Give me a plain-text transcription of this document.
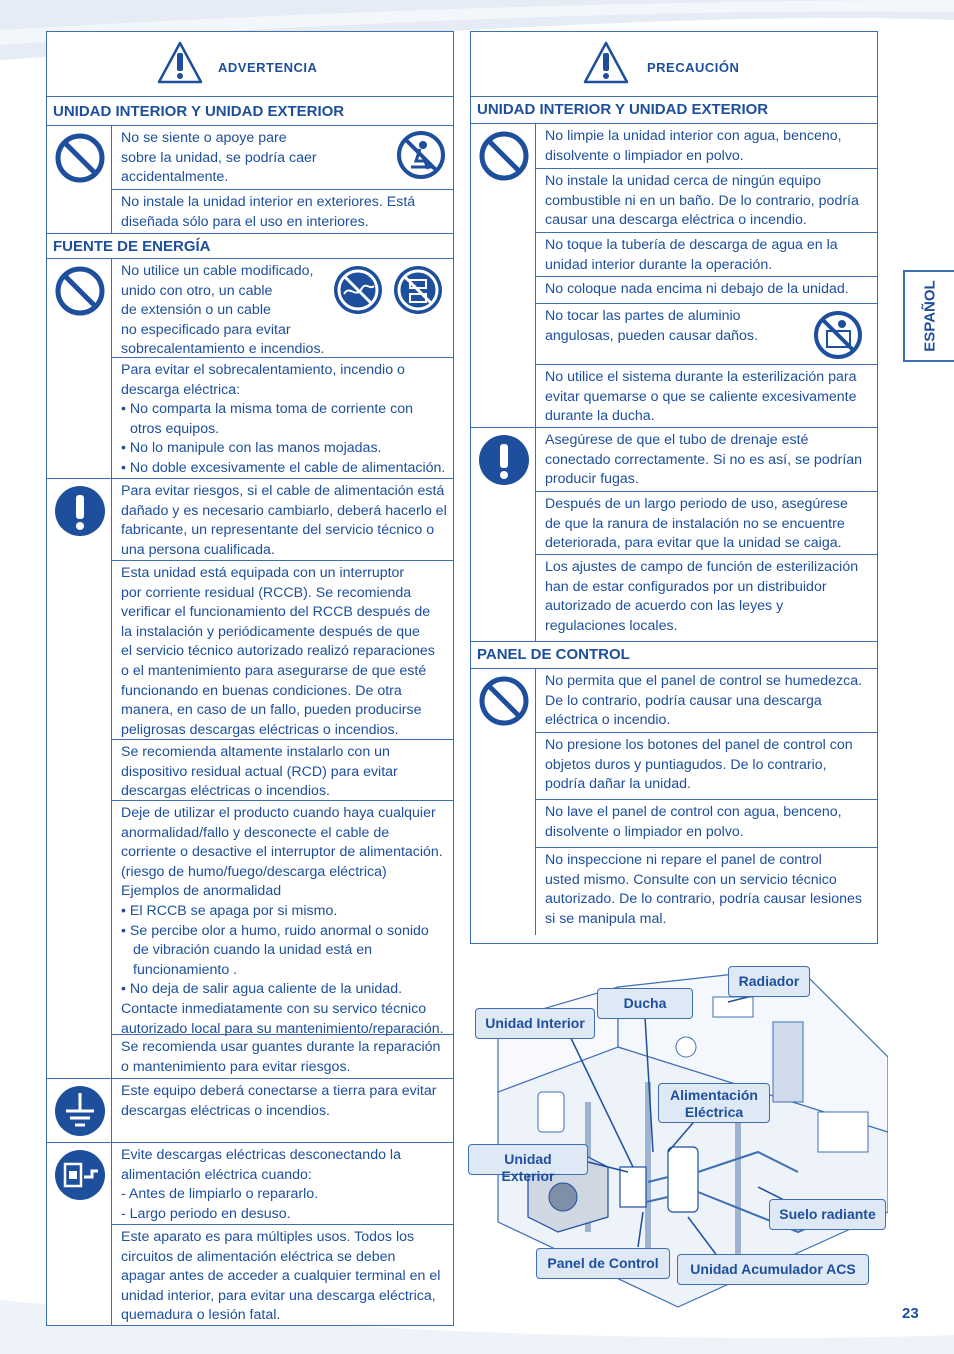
ADVERTENCIA
UNIDAD INTERIOR Y UNIDAD EXTERIOR
No se siente o apoye pare
sobre la unidad, se podría caer
accidentalmente.
No instale la unidad interior en exteriores. Está
diseñada sólo para el uso en interiores.
FUENTE DE ENERGÍA
No utilice un cable modificado,
unido con otro, un cable
de extensión o un cable
no especificado para evitar
sobrecalentamiento e incendios.
Para evitar el sobrecalentamiento, incendio o
descarga eléctrica:
• No comparta la misma toma de corriente con otros equipos.
• No lo manipule con las manos mojadas.
• No doble excesivamente el cable de alimentación.
Para evitar riesgos, si el cable de alimentación está
dañado y es necesario cambiarlo, deberá hacerlo el
fabricante, un representante del servicio técnico o
una persona cualificada.
Esta unidad está equipada con un interruptor
por corriente residual (RCCB). Se recomienda
verificar el funcionamiento del RCCB después de
la instalación y periódicamente después de que
el servicio técnico autorizado realizó reparaciones
o el mantenimiento para asegurarse de que esté
funcionando en buenas condiciones. De otra
manera, en caso de un fallo, pueden producirse
peligrosas descargas eléctricas o incendios.
Se recomienda altamente instalarlo con un
dispositivo residual actual (RCD) para evitar
descargas eléctricas o incendios.
Deje de utilizar el producto cuando haya cualquier
anormalidad/fallo y desconecte el cable de
corriente o desactive el interruptor de alimentación.
(riesgo de humo/fuego/descarga eléctrica)
Ejemplos de anormalidad
• El RCCB se apaga por si mismo.
• Se percibe olor a humo, ruido anormal o sonido de vibración cuando la unidad está en funcionamiento .
• No deja de salir agua caliente de la unidad.
Contacte inmediatamente con su servico técnico
autorizado local para su mantenimiento/reparación.
Se recomienda usar guantes durante la reparación
o mantenimiento para evitar riesgos.
Este equipo deberá conectarse a tierra para evitar
descargas eléctricas o incendios.
Evite descargas eléctricas desconectando la
alimentación eléctrica cuando:
- Antes de limpiarlo o repararlo.
- Largo periodo en desuso.
Este aparato es para múltiples usos. Todos los
circuitos de alimentación eléctrica se deben
apagar antes de acceder a cualquier terminal en el
unidad interior, para evitar una descarga eléctrica,
quemadura o lesión fatal.
PRECAUCIÓN
UNIDAD INTERIOR Y UNIDAD EXTERIOR
No limpie la unidad interior con agua, benceno,
disolvente o limpiador en polvo.
No instale la unidad cerca de ningún equipo
combustible ni en un baño. De lo contrario, podría
causar una descarga eléctrica o incendio.
No toque la tubería de descarga de agua en la
unidad interior durante la operación.
No coloque nada encima ni debajo de la unidad.
No tocar las partes de aluminio
angulosas, pueden causar daños.
No utilice el sistema durante la esterilización para
evitar quemarse o que se caliente excesivamente
durante la ducha.
Asegúrese de que el tubo de drenaje esté
conectado correctamente. Si no es así, se podrían
producir fugas.
Después de un largo periodo de uso, asegúrese
de que la ranura de instalación no se encuentre
deteriorada, para evitar que la unidad se caiga.
Los ajustes de campo de función de esterilización
han de estar configurados por un distribuidor
autorizado de acuerdo con las leyes y
regulaciones locales.
PANEL DE CONTROL
No permita que el panel de control se humedezca.
De lo contrario, podría causar una descarga
eléctrica o incendio.
No presione los botones del panel de control con
objetos duros y puntiagudos. De lo contrario,
podría dañar la unidad.
No lave el panel de control con agua, benceno,
disolvente o limpiador en polvo.
No inspeccione ni repare el panel de control
usted mismo. Consulte con un servicio técnico
autorizado. De lo contrario, podría causar lesiones
si se manipula mal.
ESPAÑOL
Radiador
Ducha
Unidad Interior
Alimentación
Eléctrica
Unidad Exterior
Suelo radiante
Panel de Control	Unidad Acumulador ACS
23
